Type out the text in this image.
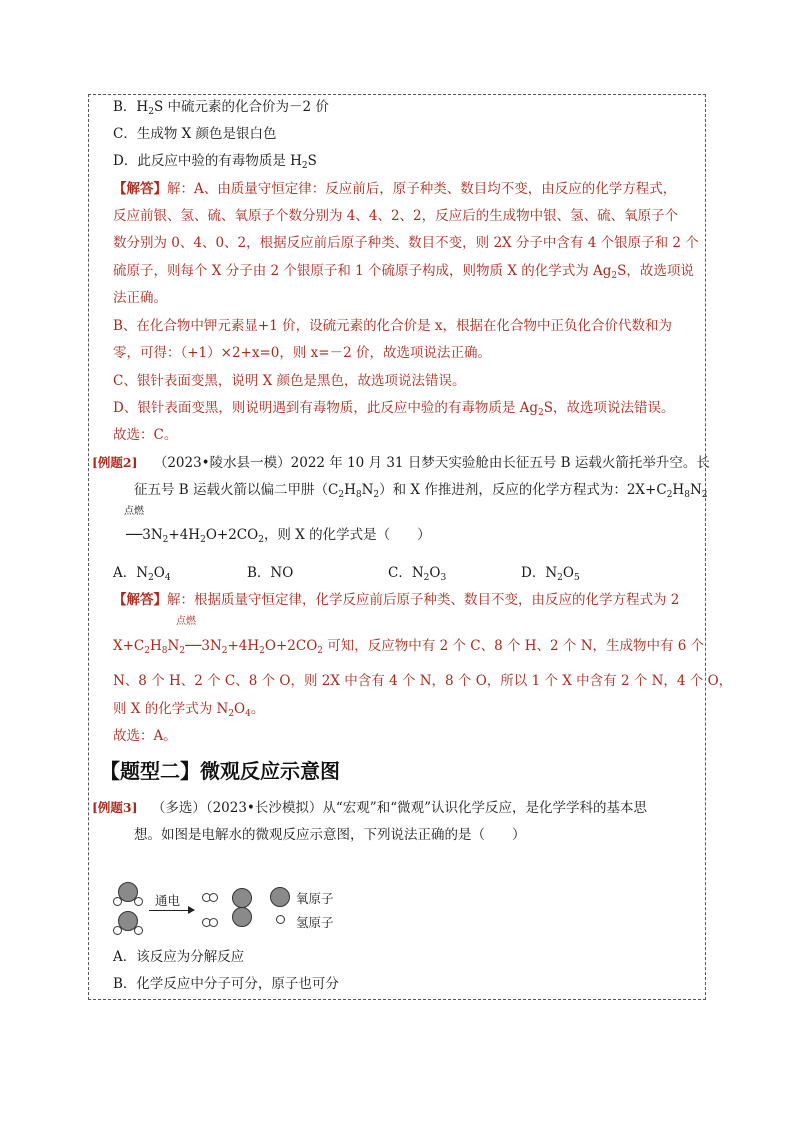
B．$H_2S$ 中硫元素的化合价为－2 价
C．生成物 X 颜色是银白色
D．此反应中验的有毒物质是 $H_2S$
【解答】解：A、由质量守恒定律：反应前后，原子种类、数目均不变，由反应的化学方程式，
反应前银、氢、硫、氧原子个数分别为 4、4、2、2，反应后的生成物中银、氢、硫、氧原子个
数分别为 0、4、0、2，根据反应前后原子种类、数目不变，则 2X 分子中含有 4 个银原子和 2 个
硫原子，则每个 X 分子由 2 个银原子和 1 个硫原子构成，则物质 X 的化学式为 $Ag_2S$，故选项说
法正确。
B、在化合物中钾元素显+1 价，设硫元素的化合价是 x，根据在化合物中正负化合价代数和为
零，可得：（+1）×2+x=0，则 x=－2 价，故选项说法正确。
C、银针表面变黑，说明 X 颜色是黑色，故选项说法错误。
D、银针表面变黑，则说明遇到有毒物质，此反应中验的有毒物质是 $Ag_2S$，故选项说法错误。
故选：C。
[例题2] （2023•陵水县一模）2022 年 10 月 31 日梦天实验舱由长征五号 B 运载火箭托举升空。长
征五号 B 运载火箭以偏二甲肼$(C_2H_8N_2)$和 X 作推进剂，反应的化学方程式为：$2X+C_2H_8N_2$
点燃
$──3N_2+4H_2O+2CO_2$，则 X 的化学式是（　　）
A．$N_2O_4$	B．NO	C．$N_2O_3$	D．$N_2O_5$
【解答】解：根据质量守恒定律，化学反应前后原子种类、数目不变，由反应的化学方程式为 2
点燃
$X+C_2H_8N_2──3N_2+4H_2O+2CO_2$ 可知，反应物中有 2 个 C、8 个 H、2 个 N，生成物中有 6 个
N、8 个 H、2 个 C、8 个 O，则 2X 中含有 4 个 N，8 个 O，所以 1 个 X 中含有 2 个 N，4 个 O，
则 X 的化学式为 $N_2O_4$。
故选：A。
【题型二】微观反应示意图
[例题3] （多选）（2023•长沙模拟）从“宏观”和“微观”认识化学反应，是化学学科的基本思
想。如图是电解水的微观反应示意图，下列说法正确的是（　　）
通电	氧原子
氢原子
A．该反应为分解反应
B．化学反应中分子可分，原子也可分
